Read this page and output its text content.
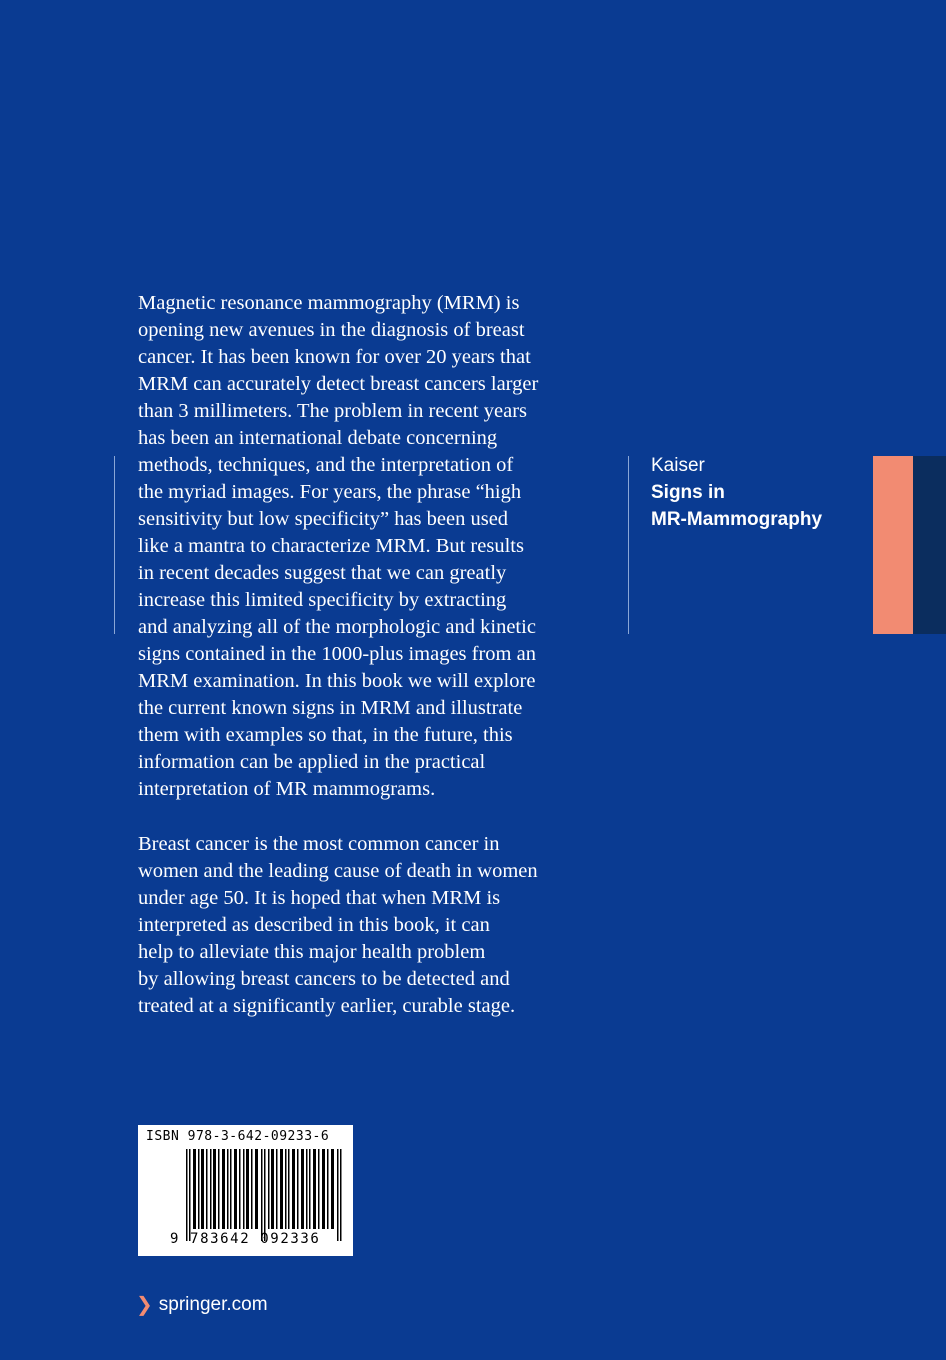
Magnetic resonance mammography (MRM) is
opening new avenues in the diagnosis of breast
cancer. It has been known for over 20 years that
MRM can accurately detect breast cancers larger
than 3 millimeters. The problem in recent years
has been an international debate concerning
methods, techniques, and the interpretation of
the myriad images. For years, the phrase “high
sensitivity but low specificity” has been used
like a mantra to characterize MRM. But results
in recent decades suggest that we can greatly
increase this limited specificity by extracting
and analyzing all of the morphologic and kinetic
signs contained in the 1000-plus images from an
MRM examination. In this book we will explore
the current known signs in MRM and illustrate
them with examples so that, in the future, this
information can be applied in the practical
interpretation of MR mammograms.

Breast cancer is the most common cancer in
women and the leading cause of death in women
under age 50. It is hoped that when MRM is
interpreted as described in this book, it can
help to alleviate this major health problem
by allowing breast cancers to be detected and
treated at a significantly earlier, curable stage.

Kaiser
Signs in
MR-Mammography
ISBN 978-3-642-09233-6
9 783642 092336
❯ springer.com
